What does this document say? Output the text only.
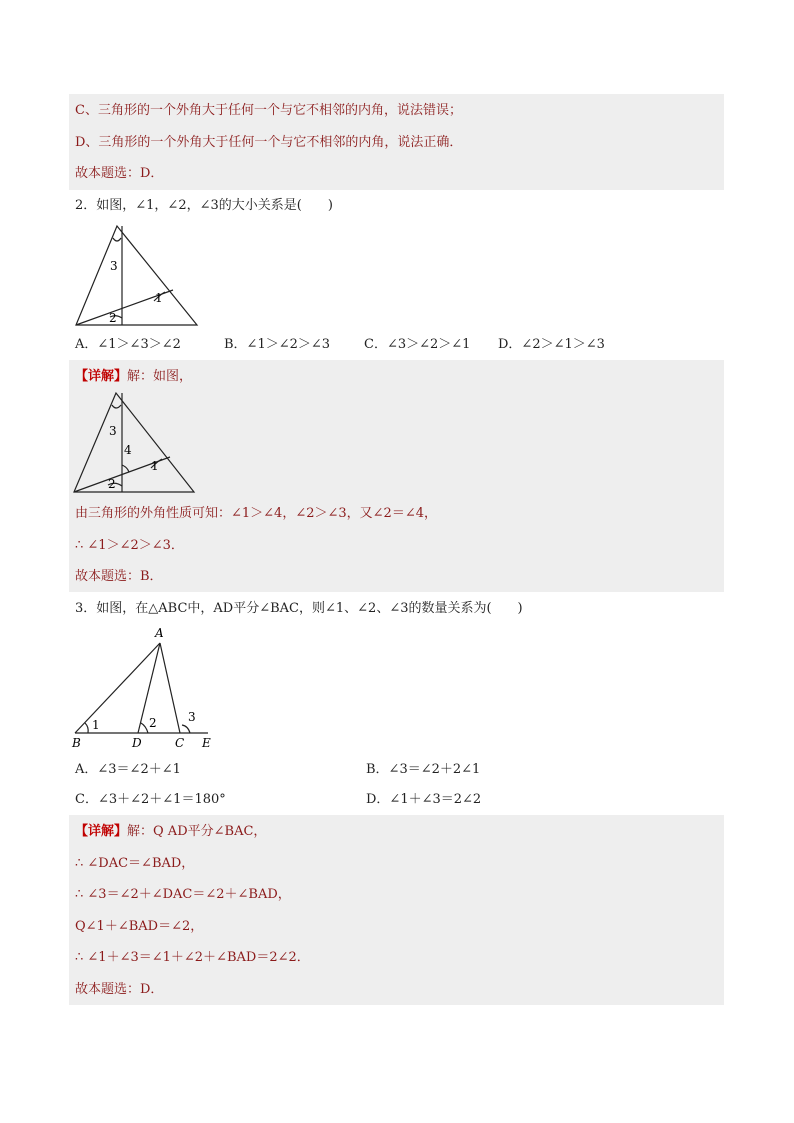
C、三角形的一个外角大于任何一个与它不相邻的内角，说法错误；
D、三角形的一个外角大于任何一个与它不相邻的内角，说法正确．
故本题选：D．
2．如图，∠1，∠2，∠3的大小关系是(　　)
3
1
2
A．∠1＞∠3＞∠2	B．∠1＞∠2＞∠3	C．∠3＞∠2＞∠1 D．∠2＞∠1＞∠3
【详解】解：如图，
3
4
1
2
由三角形的外角性质可知：∠1＞∠4，∠2＞∠3，又∠2＝∠4，
∴ ∠1＞∠2＞∠3．
故本题选：B．
3．如图，在△ABC中，AD平分∠BAC，则∠1、∠2、∠3的数量关系为(　　)
A
1	2	3
B	D	C E
A．∠3＝∠2＋∠1	B．∠3＝∠2＋2∠1
C．∠3＋∠2＋∠1＝180°	D．∠1＋∠3＝2∠2
【详解】解：Q AD平分∠BAC，
∴ ∠DAC＝∠BAD，
∴ ∠3＝∠2＋∠DAC＝∠2＋∠BAD，
Q∠1＋∠BAD＝∠2，
∴ ∠1＋∠3＝∠1＋∠2＋∠BAD＝2∠2．
故本题选：D．
